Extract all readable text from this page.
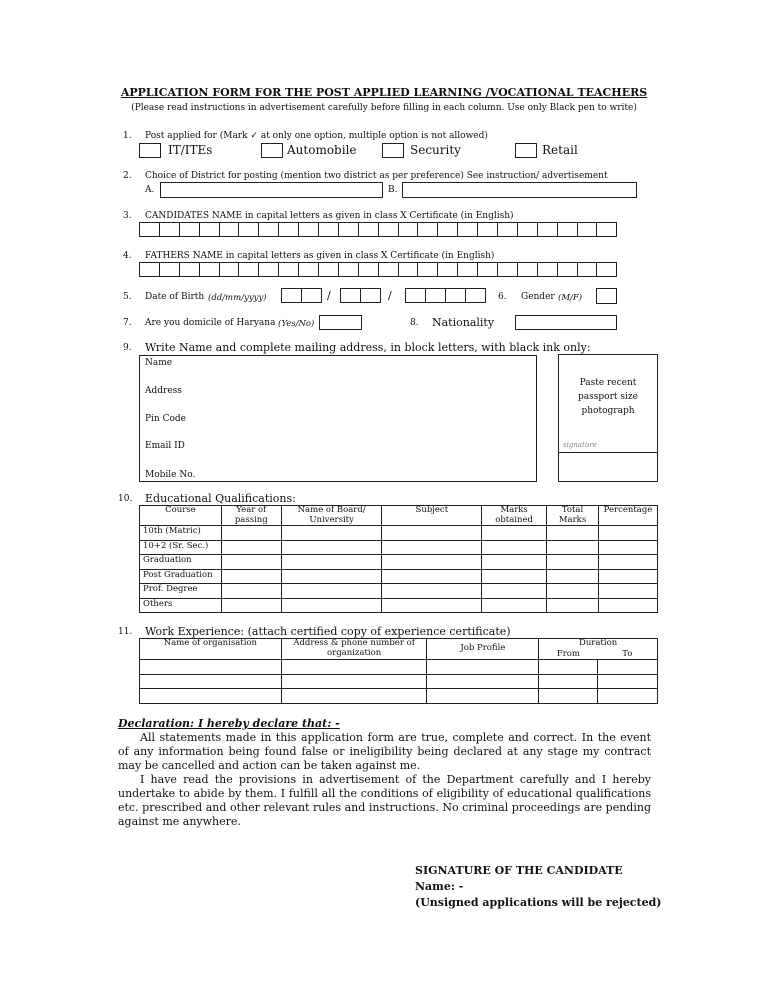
APPLICATION FORM FOR THE POST APPLIED LEARNING /VOCATIONAL TEACHERS
(Please read instructions in advertisement carefully before filling in each column. Use only Black pen to write)
1. Post applied for (Mark ✓ at only one option, multiple option is not allowed)
IT/ITEs	Automobile	Security	Retail
2. Choice of District for posting (mention two district as per preference) See instruction/ advertisement
A.	B.
3. CANDIDATES NAME in capital letters as given in class X Certificate (in English)
4. FATHERS NAME in capital letters as given in class X Certificate (in English)
5. Date of Birth (dd/mm/yyyy)	/	/	6. Gender (M/F)
7. Are you domicile of Haryana (Yes/No)	8. Nationality
9. Write Name and complete mailing address, in block letters, with black ink only:
Name
Address
Pin Code
Email ID
Mobile No.
Paste recent
passport size
photograph
signature
10. Educational Qualifications:
Course	Year of passing	Name of Board/ University	Subject	Marks obtained	Total Marks	Percentage
10th (Matric)						
10+2 (Sr. Sec.)						
Graduation						
Post Graduation						
Prof. Degree						
Others						
11. Work Experience: (attach certified copy of experience certificate)
Name of organisation	Address & phone number of organization	Job Profile	Duration	
			From	To

Declaration: I hereby declare that: -
All statements made in this application form are true, complete and correct. In the event of any information being found false or ineligibility being declared at any stage my contract may be cancelled and action can be taken against me.
I have read the provisions in advertisement of the Department carefully and I hereby undertake to abide by them. I fulfill all the conditions of eligibility of educational qualifications etc. prescribed and other relevant rules and instructions. No criminal proceedings are pending against me anywhere.
SIGNATURE OF THE CANDIDATE
Name: -
(Unsigned applications will be rejected)
